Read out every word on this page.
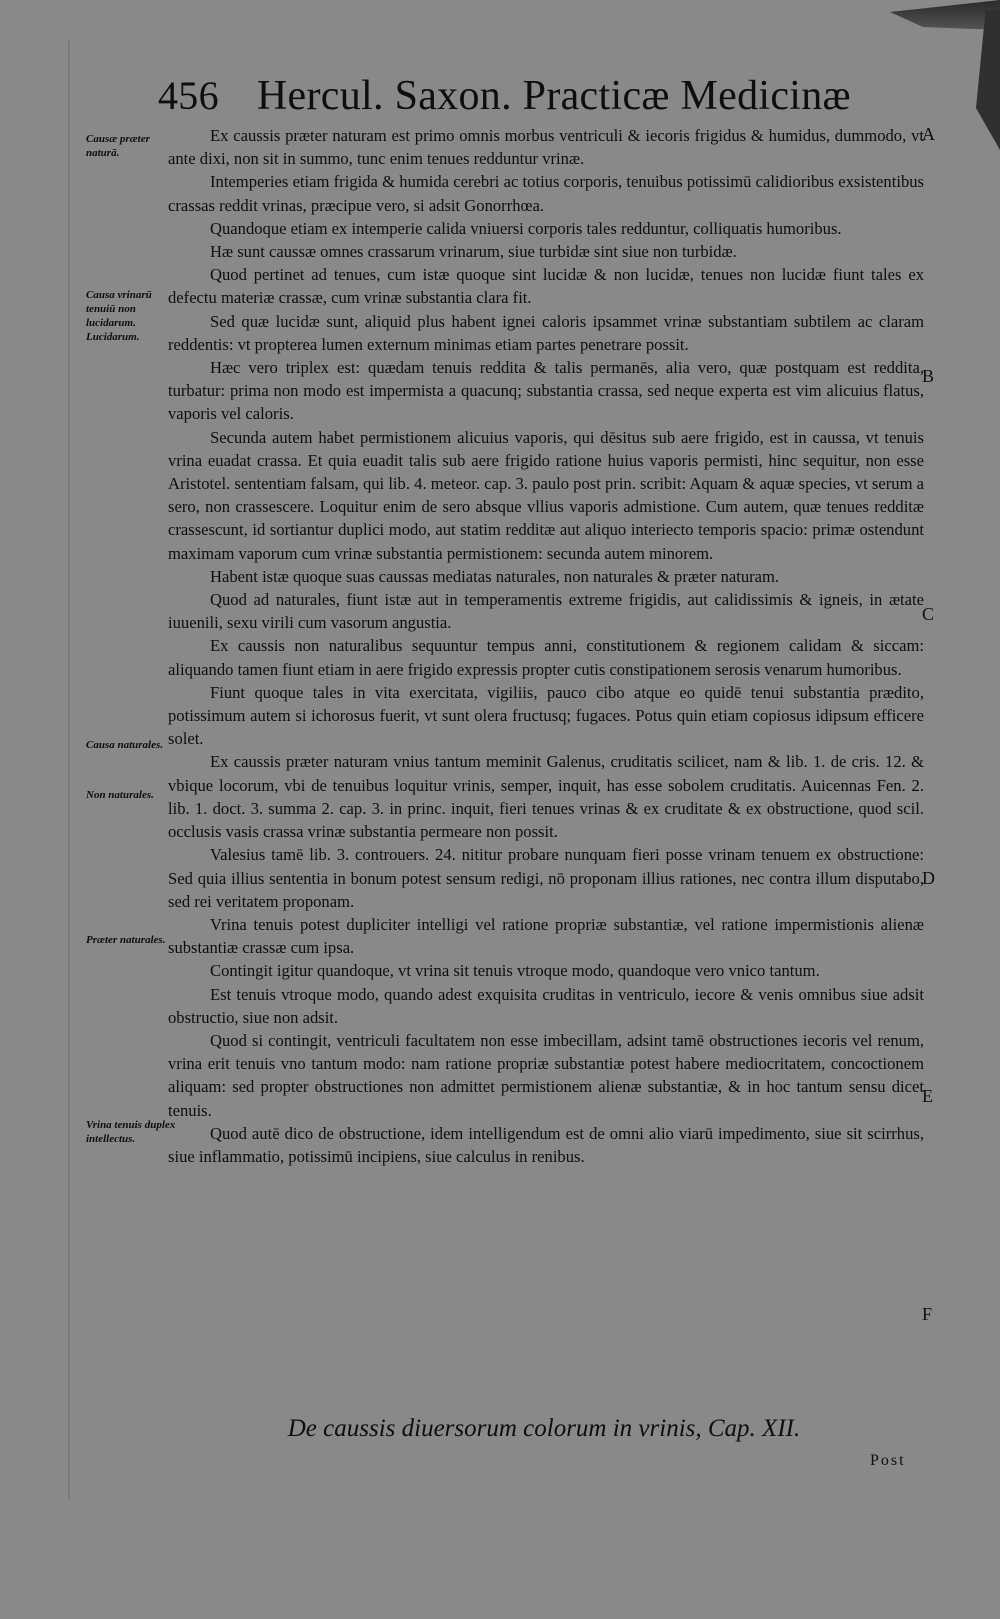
456 Hercul. Saxon. Practicæ Medicinæ
Causæ præter naturā.
Causa vrinarū tenuiū non lucidarum. Lucidarum.
Causa naturales.
Non naturales.
Præter naturales.
Vrina tenuis duplex intellectus.
A
B
C
D
E
F

Ex caussis præter naturam est primo omnis morbus ventriculi & iecoris frigidus & humidus, dummodo, vt ante dixi, non sit in summo, tunc enim tenues redduntur vrinæ.

Intemperies etiam frigida & humida cerebri ac totius corporis, tenuibus potissimū calidioribus exsistentibus crassas reddit vrinas, præcipue vero, si adsit Gonorrhœa.

Quandoque etiam ex intemperie calida vniuersi corporis tales redduntur, colliquatis humoribus.

Hæ sunt caussæ omnes crassarum vrinarum, siue turbidæ sint siue non turbidæ.

Quod pertinet ad tenues, cum istæ quoque sint lucidæ & non lucidæ, tenues non lucidæ fiunt tales ex defectu materiæ crassæ, cum vrinæ substantia clara fit.

Sed quæ lucidæ sunt, aliquid plus habent ignei caloris ipsammet vrinæ substantiam subtilem ac claram reddentis: vt propterea lumen externum minimas etiam partes penetrare possit.

Hæc vero triplex est: quædam tenuis reddita & talis permanēs, alia vero, quæ postquam est reddita, turbatur: prima non modo est impermista a quacunq; substantia crassa, sed neque experta est vim alicuius flatus, vaporis vel caloris.

Secunda autem habet permistionem alicuius vaporis, qui dēsitus sub aere frigido, est in caussa, vt tenuis vrina euadat crassa. Et quia euadit talis sub aere frigido ratione huius vaporis permisti, hinc sequitur, non esse Aristotel. sententiam falsam, qui lib. 4. meteor. cap. 3. paulo post prin. scribit: Aquam & aquæ species, vt serum a sero, non crassescere. Loquitur enim de sero absque vllius vaporis admistione. Cum autem, quæ tenues redditæ crassescunt, id sortiantur duplici modo, aut statim redditæ aut aliquo interiecto temporis spacio: primæ ostendunt maximam vaporum cum vrinæ substantia permistionem: secunda autem minorem.

Habent istæ quoque suas caussas mediatas naturales, non naturales & præter naturam.

Quod ad naturales, fiunt istæ aut in temperamentis extreme frigidis, aut calidissimis & igneis, in ætate iuuenili, sexu virili cum vasorum angustia.

Ex caussis non naturalibus sequuntur tempus anni, constitutionem & regionem calidam & siccam: aliquando tamen fiunt etiam in aere frigido expressis propter cutis constipationem serosis venarum humoribus.

Fiunt quoque tales in vita exercitata, vigiliis, pauco cibo atque eo quidē tenui substantia prædito, potissimum autem si ichorosus fuerit, vt sunt olera fructusq; fugaces. Potus quin etiam copiosus idipsum efficere solet.

Ex caussis præter naturam vnius tantum meminit Galenus, cruditatis scilicet, nam & lib. 1. de cris. 12. & vbique locorum, vbi de tenuibus loquitur vrinis, semper, inquit, has esse sobolem cruditatis. Auicennas Fen. 2. lib. 1. doct. 3. summa 2. cap. 3. in princ. inquit, fieri tenues vrinas & ex cruditate & ex obstructione, quod scil. occlusis vasis crassa vrinæ substantia permeare non possit.

Valesius tamē lib. 3. controuers. 24. nititur probare nunquam fieri posse vrinam tenuem ex obstructione: Sed quia illius sententia in bonum potest sensum redigi, nō proponam illius rationes, nec contra illum disputabo, sed rei veritatem proponam.

Vrina tenuis potest dupliciter intelligi vel ratione propriæ substantiæ, vel ratione impermistionis alienæ substantiæ crassæ cum ipsa.

Contingit igitur quandoque, vt vrina sit tenuis vtroque modo, quandoque vero vnico tantum.

Est tenuis vtroque modo, quando adest exquisita cruditas in ventriculo, iecore & venis omnibus siue adsit obstructio, siue non adsit.

Quod si contingit, ventriculi facultatem non esse imbecillam, adsint tamē obstructiones iecoris vel renum, vrina erit tenuis vno tantum modo: nam ratione propriæ substantiæ potest habere mediocritatem, concoctionem aliquam: sed propter obstructiones non admittet permistionem alienæ substantiæ, & in hoc tantum sensu dicet tenuis.

Quod autē dico de obstructione, idem intelligendum est de omni alio viarū impedimento, siue sit scirrhus, siue inflammatio, potissimū incipiens, siue calculus in renibus.

De caussis diuersorum colorum in vrinis, Cap. XII.
Post
